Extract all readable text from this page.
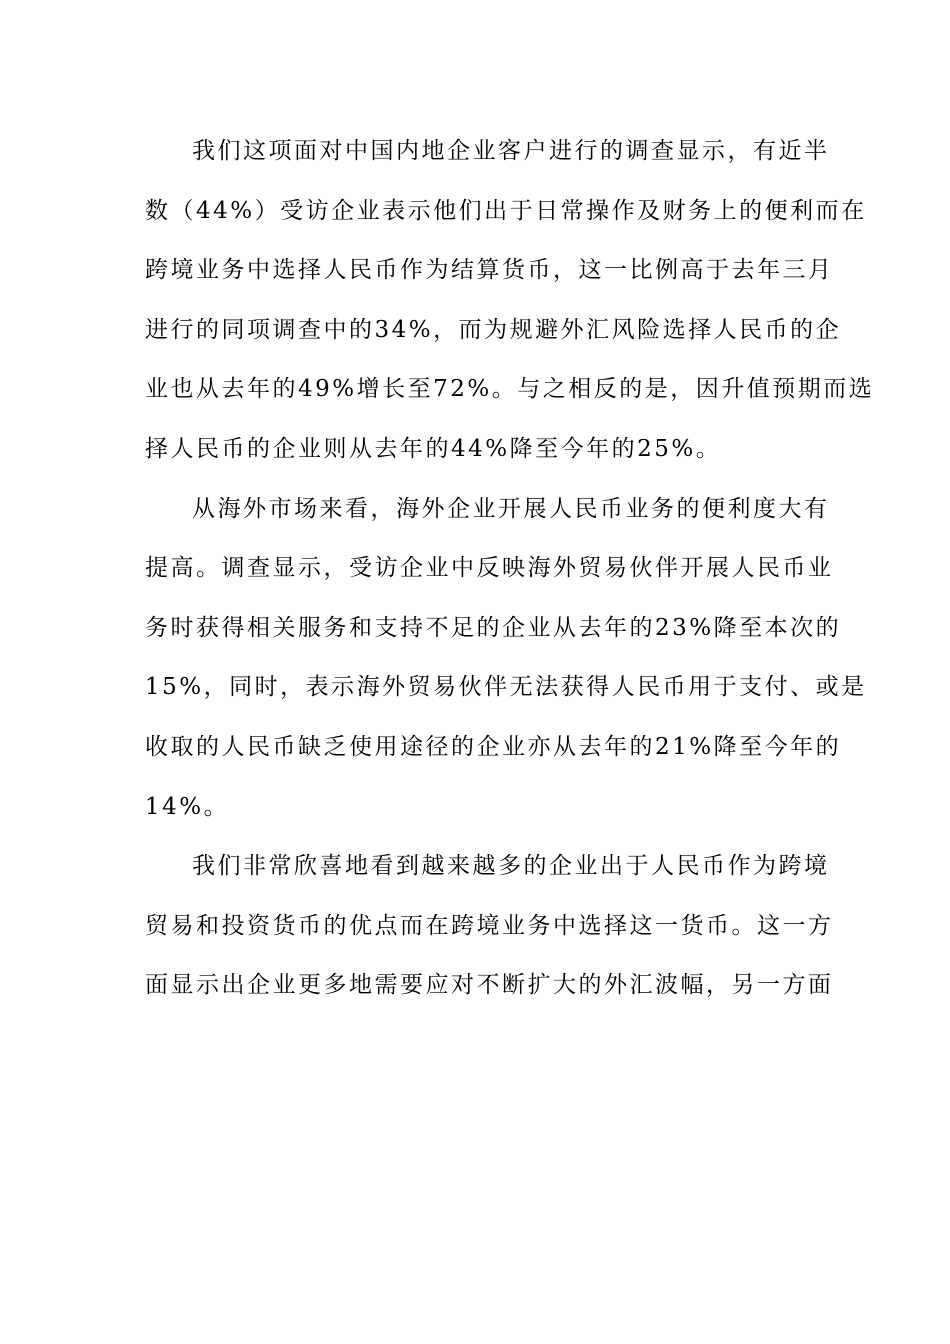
我们这项面对中国内地企业客户进行的调查显示，有近半
数（44%）受访企业表示他们出于日常操作及财务上的便利而在
跨境业务中选择人民币作为结算货币，这一比例高于去年三月
进行的同项调查中的34%，而为规避外汇风险选择人民币的企
业也从去年的49%增长至72%。与之相反的是，因升值预期而选
择人民币的企业则从去年的44%降至今年的25%。
从海外市场来看，海外企业开展人民币业务的便利度大有
提高。调查显示，受访企业中反映海外贸易伙伴开展人民币业
务时获得相关服务和支持不足的企业从去年的23%降至本次的
15%，同时，表示海外贸易伙伴无法获得人民币用于支付、或是
收取的人民币缺乏使用途径的企业亦从去年的21%降至今年的
14%。
我们非常欣喜地看到越来越多的企业出于人民币作为跨境
贸易和投资货币的优点而在跨境业务中选择这一货币。这一方
面显示出企业更多地需要应对不断扩大的外汇波幅，另一方面
